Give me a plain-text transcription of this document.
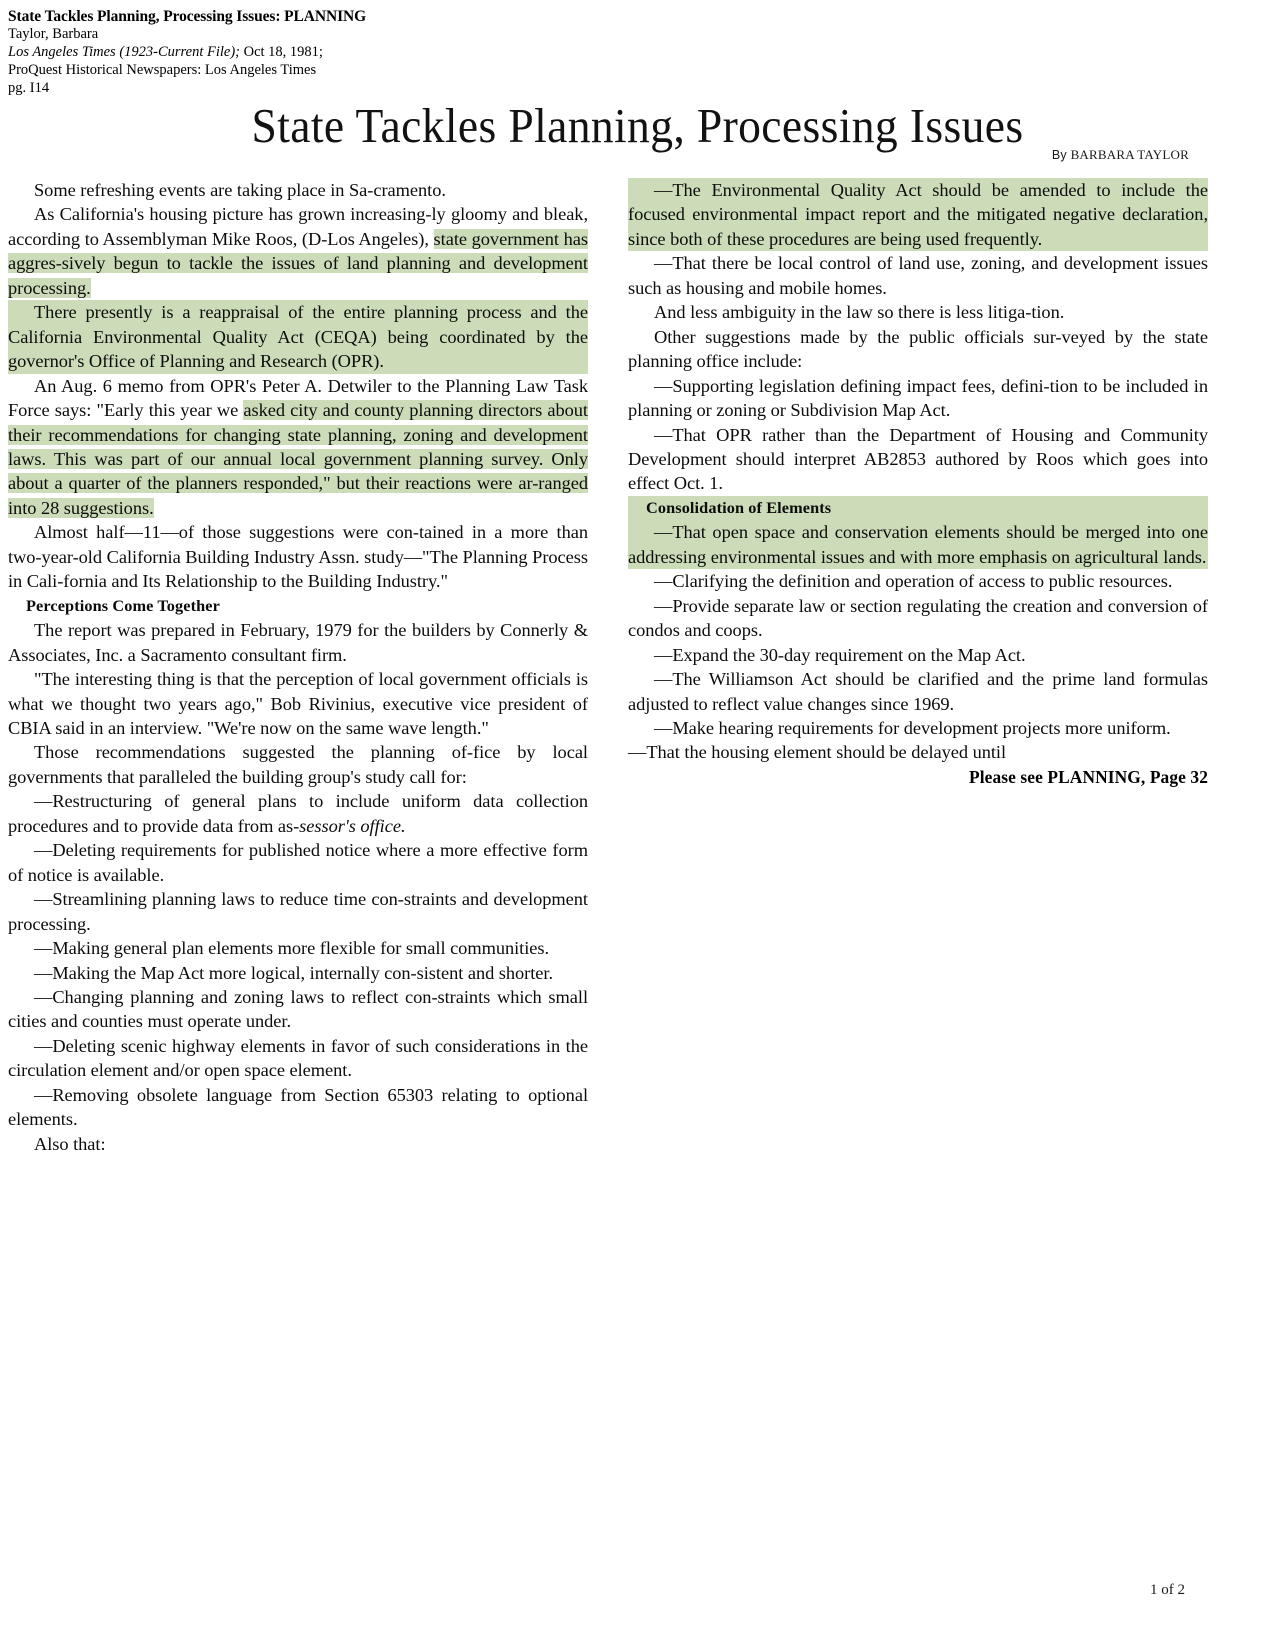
State Tackles Planning, Processing Issues: PLANNING
Taylor, Barbara
Los Angeles Times (1923-Current File); Oct 18, 1981;
ProQuest Historical Newspapers: Los Angeles Times
pg. I14
State Tackles Planning, Processing Issues
By BARBARA TAYLOR

Some refreshing events are taking place in Sa-cramento.

As California's housing picture has grown increasing-ly gloomy and bleak, according to Assemblyman Mike Roos, (D-Los Angeles), state government has aggres-sively begun to tackle the issues of land planning and development processing.

There presently is a reappraisal of the entire planning process and the California Environmental Quality Act (CEQA) being coordinated by the governor's Office of Planning and Research (OPR).

An Aug. 6 memo from OPR's Peter A. Detwiler to the Planning Law Task Force says: "Early this year we asked city and county planning directors about their recommendations for changing state planning, zoning and development laws. This was part of our annual local government planning survey. Only about a quarter of the planners responded," but their reactions were ar-ranged into 28 suggestions.

Almost half—11—of those suggestions were con-tained in a more than two-year-old California Building Industry Assn. study—"The Planning Process in Cali-fornia and Its Relationship to the Building Industry."

Perceptions Come Together

The report was prepared in February, 1979 for the builders by Connerly & Associates, Inc. a Sacramento consultant firm.

"The interesting thing is that the perception of local government officials is what we thought two years ago," Bob Rivinius, executive vice president of CBIA said in an interview. "We're now on the same wave length."

Those recommendations suggested the planning of-fice by local governments that paralleled the building group's study call for:

—Restructuring of general plans to include uniform data collection procedures and to provide data from as-sessor's office.

—Deleting requirements for published notice where a more effective form of notice is available.

—Streamlining planning laws to reduce time con-straints and development processing.

—Making general plan elements more flexible for small communities.

—Making the Map Act more logical, internally con-sistent and shorter.

—Changing planning and zoning laws to reflect con-straints which small cities and counties must operate under.

—Deleting scenic highway elements in favor of such considerations in the circulation element and/or open space element.

—Removing obsolete language from Section 65303 relating to optional elements.

Also that:

—The Environmental Quality Act should be amended to include the focused environmental impact report and the mitigated negative declaration, since both of these procedures are being used frequently.

—That there be local control of land use, zoning, and development issues such as housing and mobile homes.

And less ambiguity in the law so there is less litiga-tion.

Other suggestions made by the public officials sur-veyed by the state planning office include:

—Supporting legislation defining impact fees, defini-tion to be included in planning or zoning or Subdivision Map Act.

—That OPR rather than the Department of Housing and Community Development should interpret AB2853 authored by Roos which goes into effect Oct. 1.

Consolidation of Elements

—That open space and conservation elements should be merged into one addressing environmental issues and with more emphasis on agricultural lands.

—Clarifying the definition and operation of access to public resources.

—Provide separate law or section regulating the creation and conversion of condos and coops.

—Expand the 30-day requirement on the Map Act.

—The Williamson Act should be clarified and the prime land formulas adjusted to reflect value changes since 1969.

—Make hearing requirements for development projects more uniform.

—That the housing element should be delayed until

Please see PLANNING, Page 32

1 of 2
